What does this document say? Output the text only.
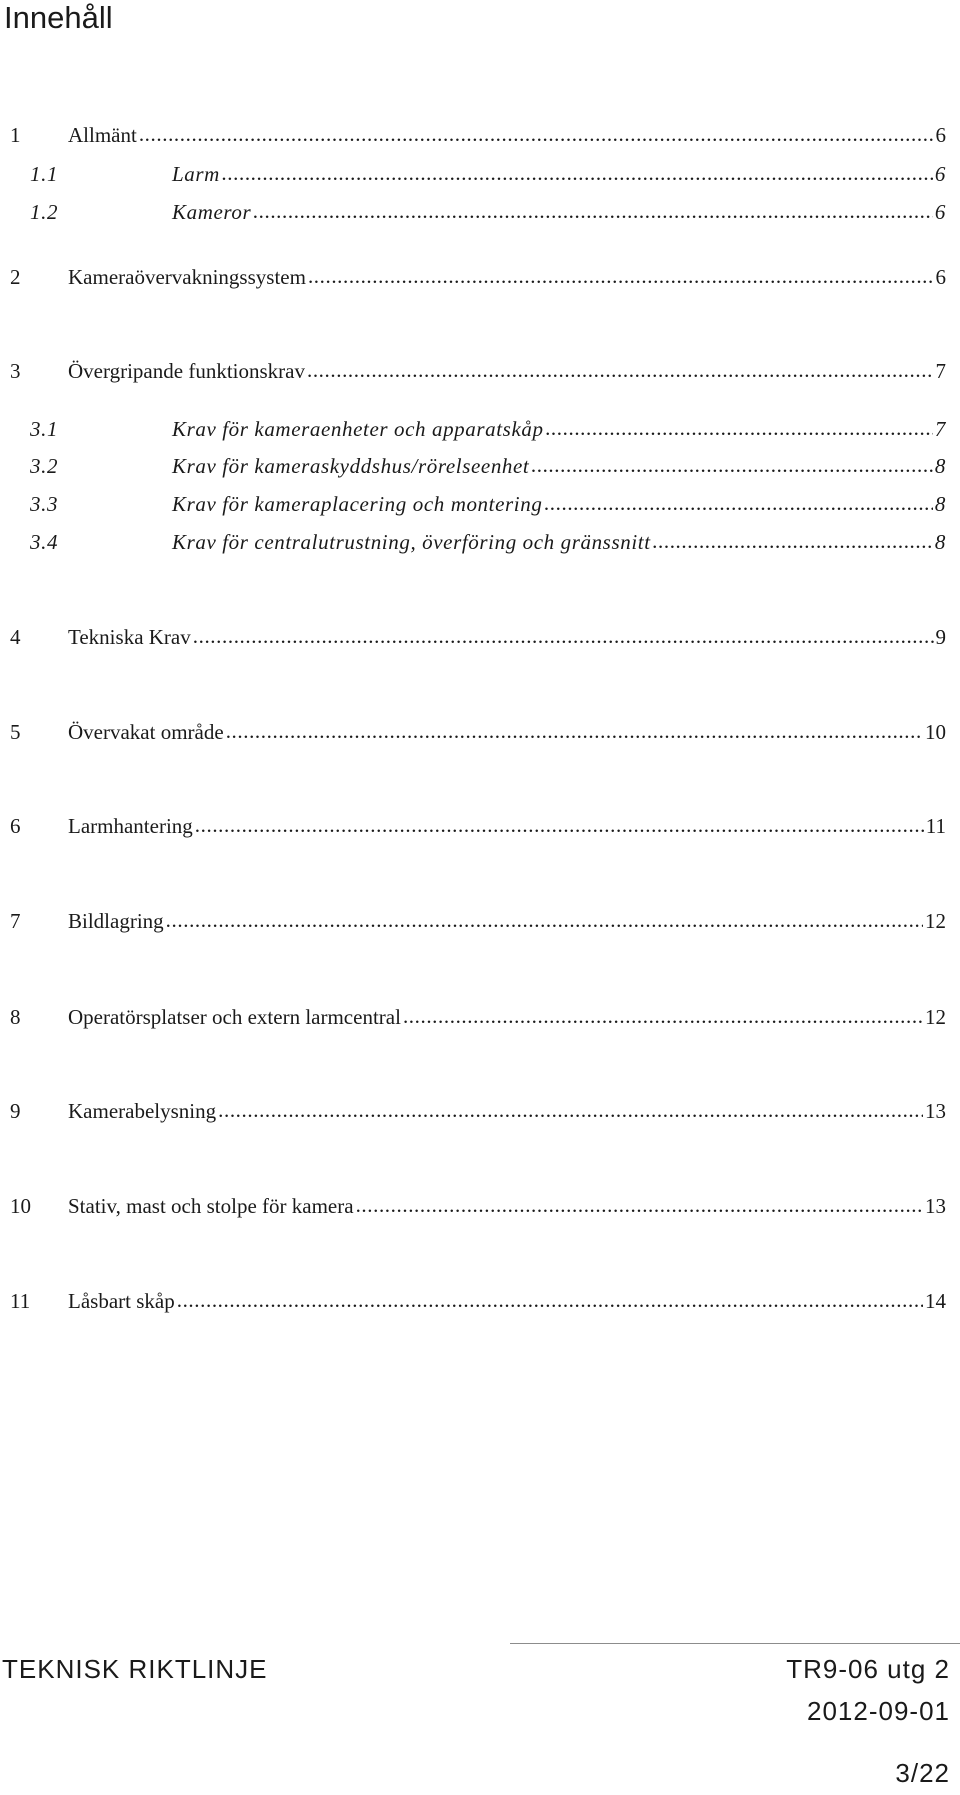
Innehåll
1	Allmänt .....	6
1.1	Larm .....	6
1.2	Kameror .....	6
2	Kameraövervakningssystem .....	6
3	Övergripande funktionskrav .....	7
3.1	Krav för kameraenheter och apparatskåp .....	7
3.2	Krav för kameraskyddshus/rörelseenhet .....	8
3.3	Krav för kameraplacering och montering .....	8
3.4	Krav för centralutrustning, överföring och gränssnitt .....	8
4	Tekniska Krav .....	9
5	Övervakat område .....	10
6	Larmhantering .....	11
7	Bildlagring .....	12
8	Operatörsplatser och extern larmcentral .....	12
9	Kamerabelysning .....	13
10	Stativ, mast och stolpe för kamera .....	13
11	Låsbart skåp .....	14
TEKNISK RIKTLINJE	TR9-06 utg 2
2012-09-01
3/22
